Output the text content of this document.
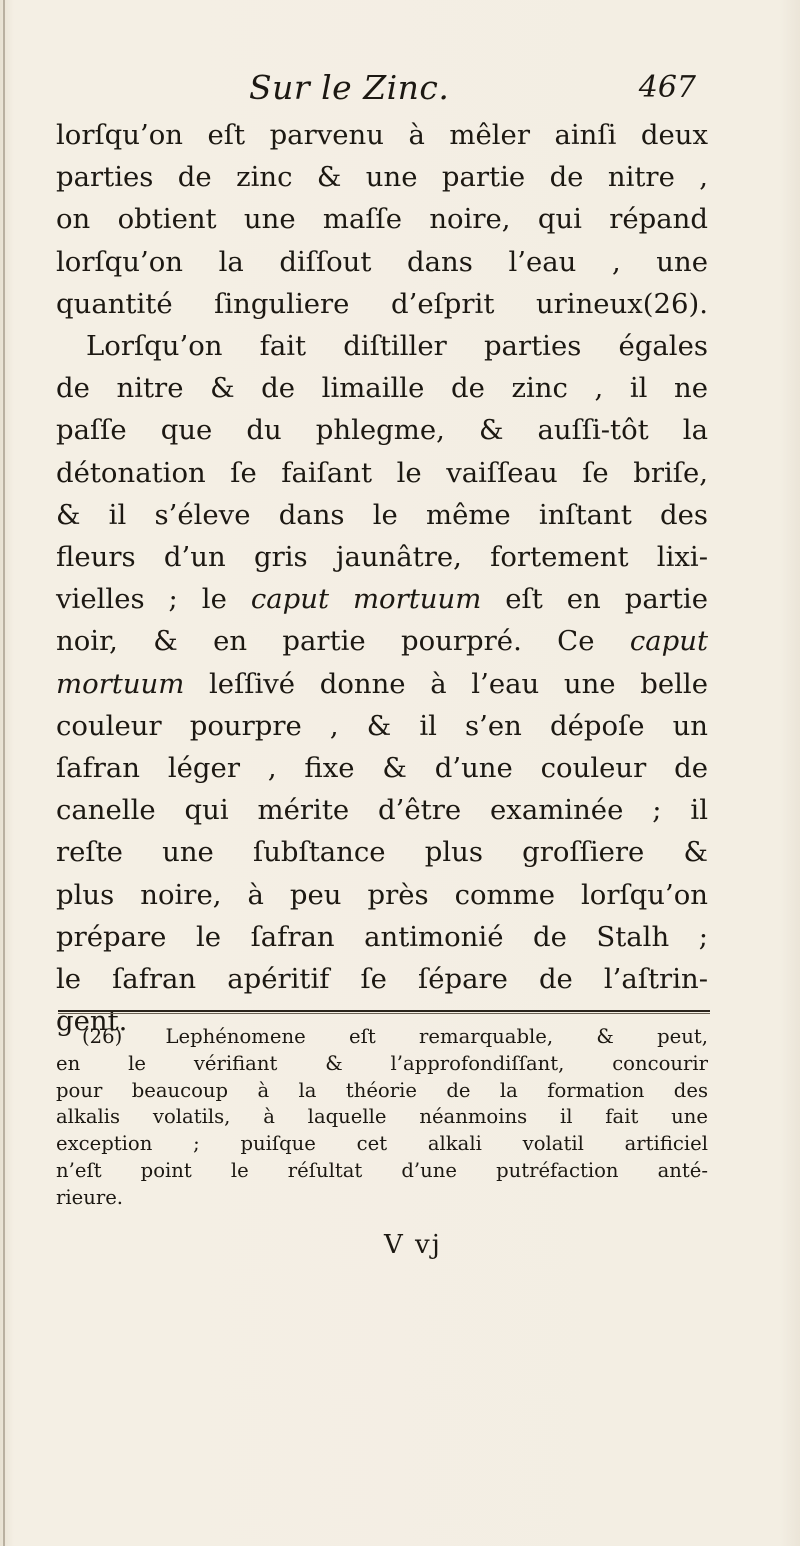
Sur le Zinc.	467
lorſqu’on eſt parvenu à mêler ainſi deux
parties de zinc & une partie de nitre ,
on obtient une maſſe noire, qui répand
lorſqu’on la diſſout dans l’eau , une
quantité ſinguliere d’eſprit urineux(26).
Lorſqu’on fait diſtiller parties égales
de nitre & de limaille de zinc , il ne
paſſe que du phlegme, & auſſi-tôt la
détonation ſe faiſant le vaiſſeau ſe briſe,
& il s’éleve dans le même inſtant des
fleurs d’un gris jaunâtre, fortement lixi-
vielles ; le caput mortuum eſt en partie
noir, & en partie pourpré. Ce caput
mortuum leſſivé donne à l’eau une belle
couleur pourpre , & il s’en dépoſe un
ſafran léger , fixe & d’une couleur de
canelle qui mérite d’être examinée ; il
reſte une ſubſtance plus groſſiere &
plus noire, à peu près comme lorſqu’on
prépare le ſafran antimonié de Stalh ;
le ſafran apéritif ſe ſépare de l’aſtrin-
gent.
(26) Lephénomene eſt remarquable, & peut,
en le vérifiant & l’approfondiſſant, concourir
pour beaucoup à la théorie de la formation des
alkalis volatils, à laquelle néanmoins il fait une
exception ; puiſque cet alkali volatil artificiel
n’eſt point le réſultat d’une putréfaction anté-
rieure.
V vj
